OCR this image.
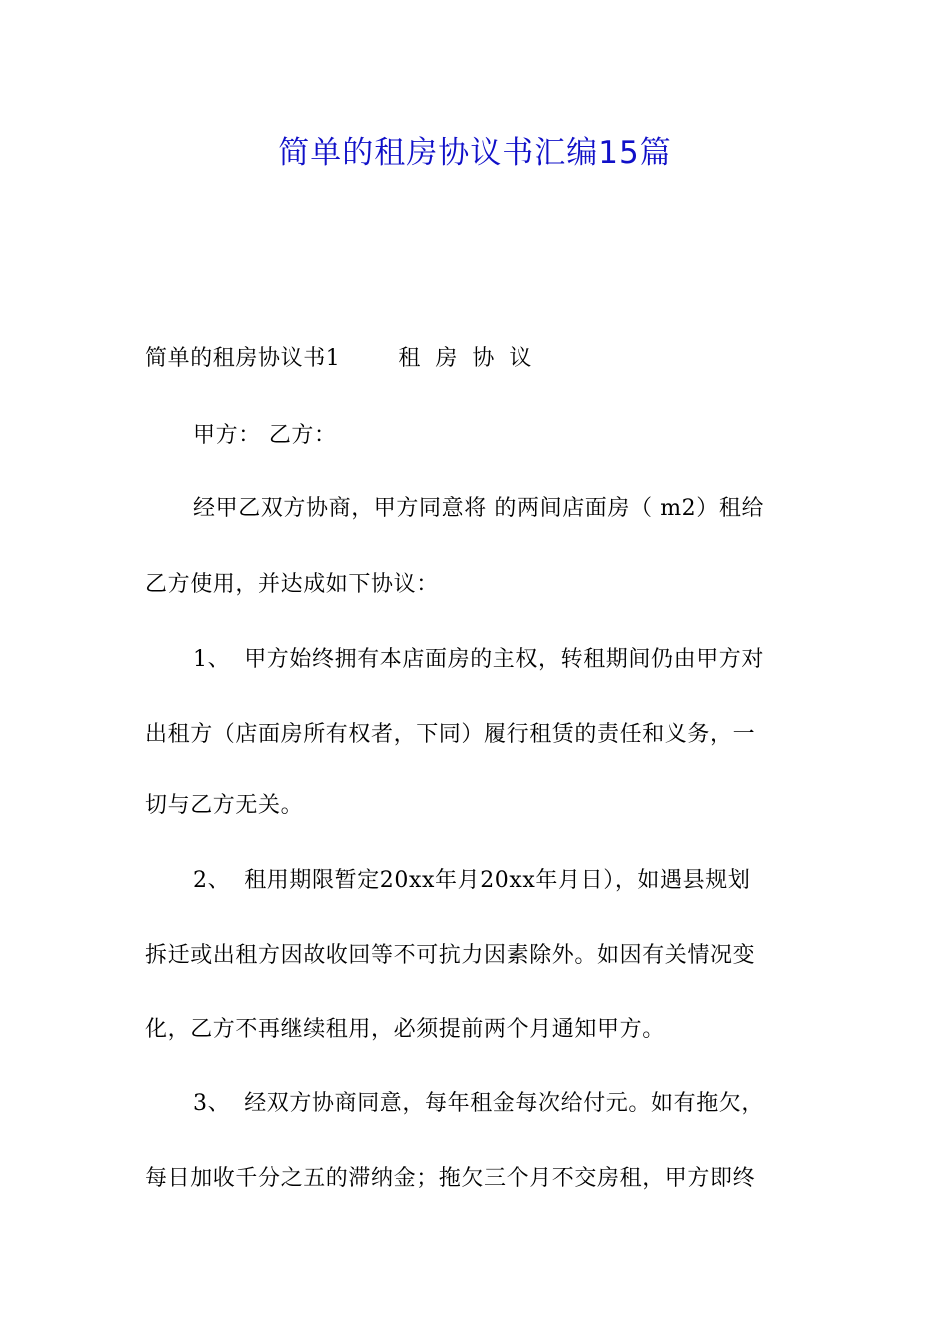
简单的租房协议书汇编15篇
简单的租房协议书1	租 房 协 议
甲方： 乙方：
经甲乙双方协商，甲方同意将 的两间店面房（ m2）租给
乙方使用，并达成如下协议：
1、 甲方始终拥有本店面房的主权，转租期间仍由甲方对
出租方（店面房所有权者，下同）履行租赁的责任和义务，一
切与乙方无关。
2、 租用期限暂定20xx年月20xx年月日），如遇县规划
拆迁或出租方因故收回等不可抗力因素除外。如因有关情况变
化，乙方不再继续租用，必须提前两个月通知甲方。
3、 经双方协商同意，每年租金每次给付元。如有拖欠，
每日加收千分之五的滞纳金；拖欠三个月不交房租，甲方即终
